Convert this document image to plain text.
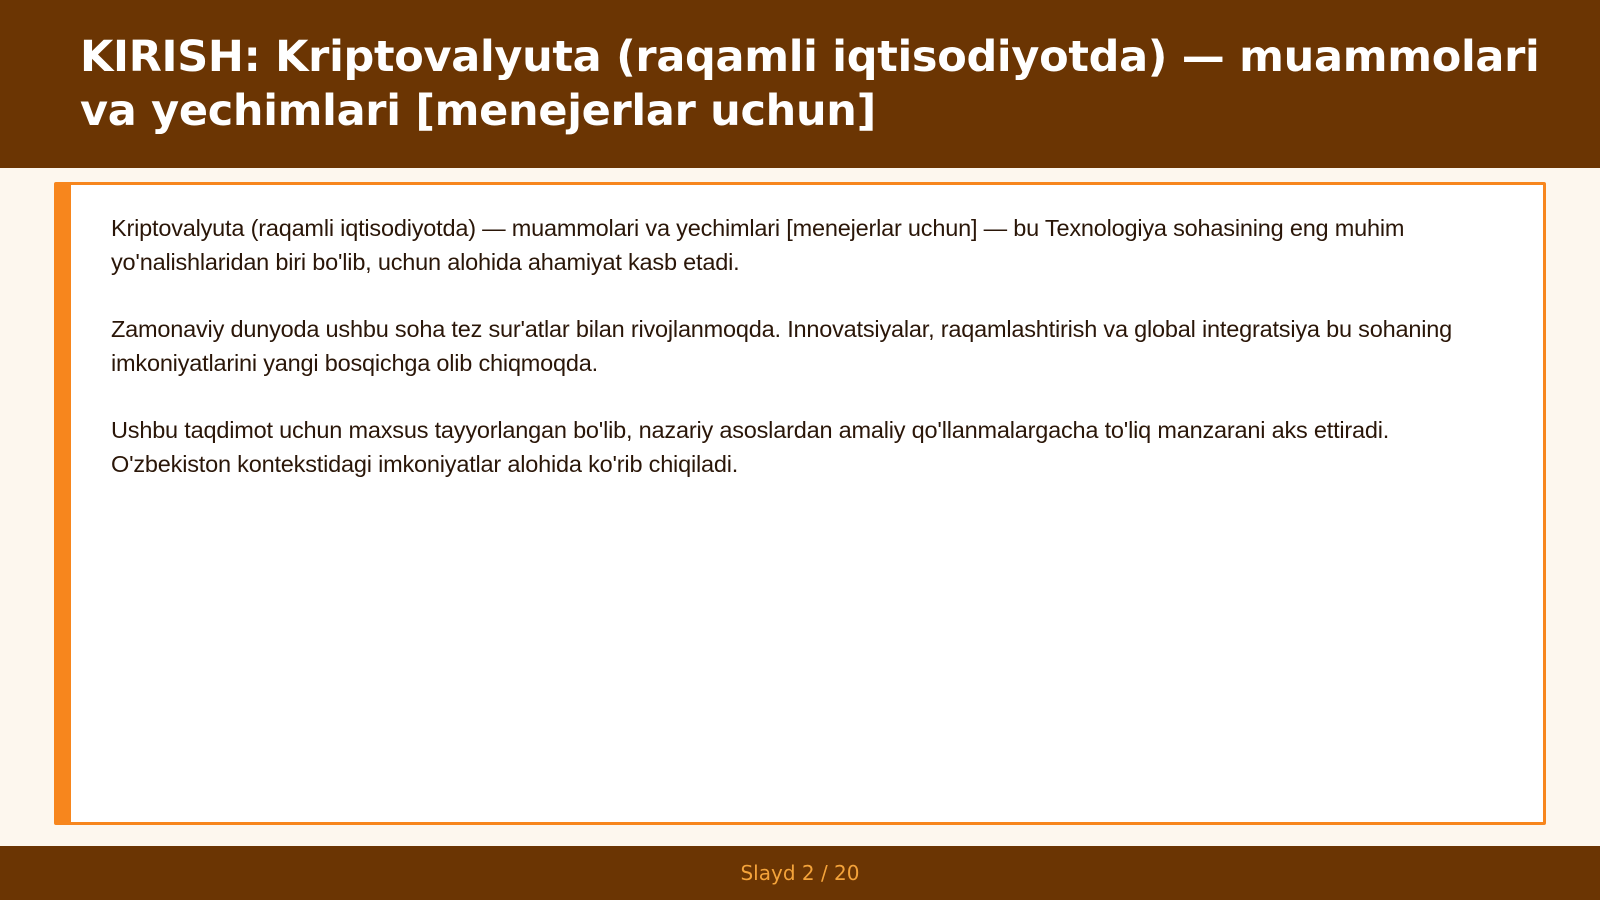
KIRISH: Kriptovalyuta (raqamli iqtisodiyotda) — muammolari va yechimlari [menejerlar uchun]

Kriptovalyuta (raqamli iqtisodiyotda) — muammolari va yechimlari [menejerlar uchun] — bu Texnologiya sohasining eng muhim yo'nalishlaridan biri bo'lib, uchun alohida ahamiyat kasb etadi.

Zamonaviy dunyoda ushbu soha tez sur'atlar bilan rivojlanmoqda. Innovatsiyalar, raqamlashtirish va global integratsiya bu sohaning imkoniyatlarini yangi bosqichga olib chiqmoqda.

Ushbu taqdimot uchun maxsus tayyorlangan bo'lib, nazariy asoslardan amaliy qo'llanmalargacha to'liq manzarani aks ettiradi. O'zbekiston kontekstidagi imkoniyatlar alohida ko'rib chiqiladi.

Slayd 2 / 20
